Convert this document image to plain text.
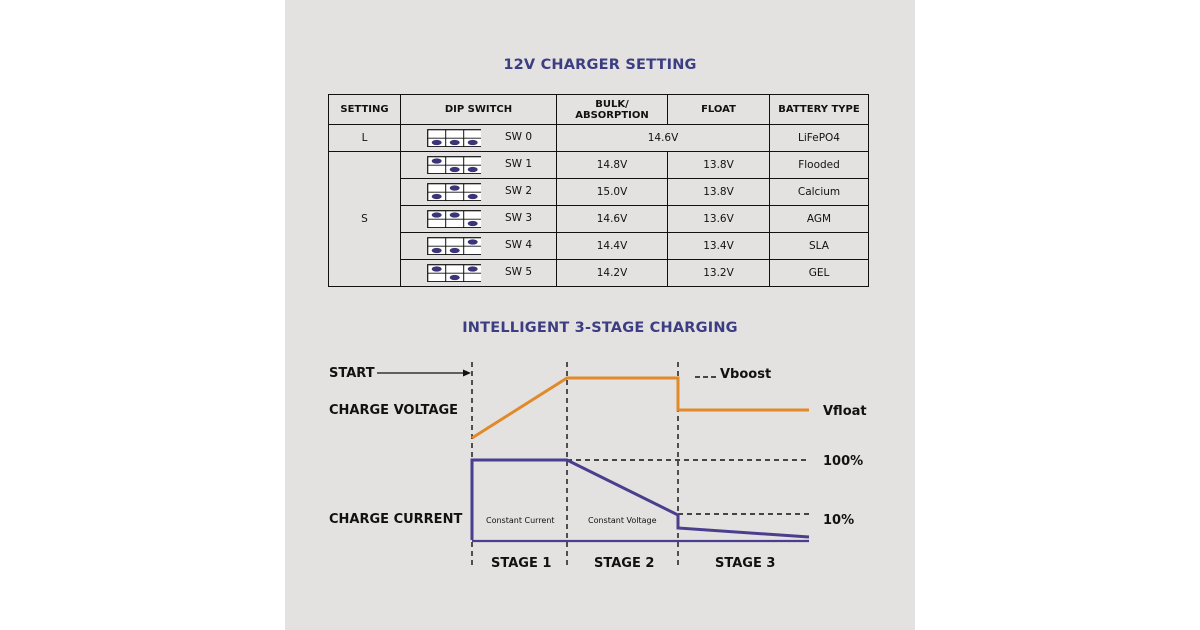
12V CHARGER SETTING
SETTING	DIP SWITCH	BULK/ ABSORPTION	FLOAT	BATTERY TYPE
L	SW 0	14.6V		LiFePO4
S	SW 1	14.8V	13.8V	Flooded

	SW 2	15.0V	13.8V	Calcium

	SW 3	14.6V	13.6V	AGM

	SW 4	14.4V	13.4V	SLA

	SW 5	14.2V	13.2V	GEL
INTELLIGENT 3-STAGE CHARGING
START
CHARGE VOLTAGE
CHARGE CURRENT
Vboost
Vfloat
100%
10%
Constant Current	Constant Voltage
STAGE 1	STAGE 2	STAGE 3
